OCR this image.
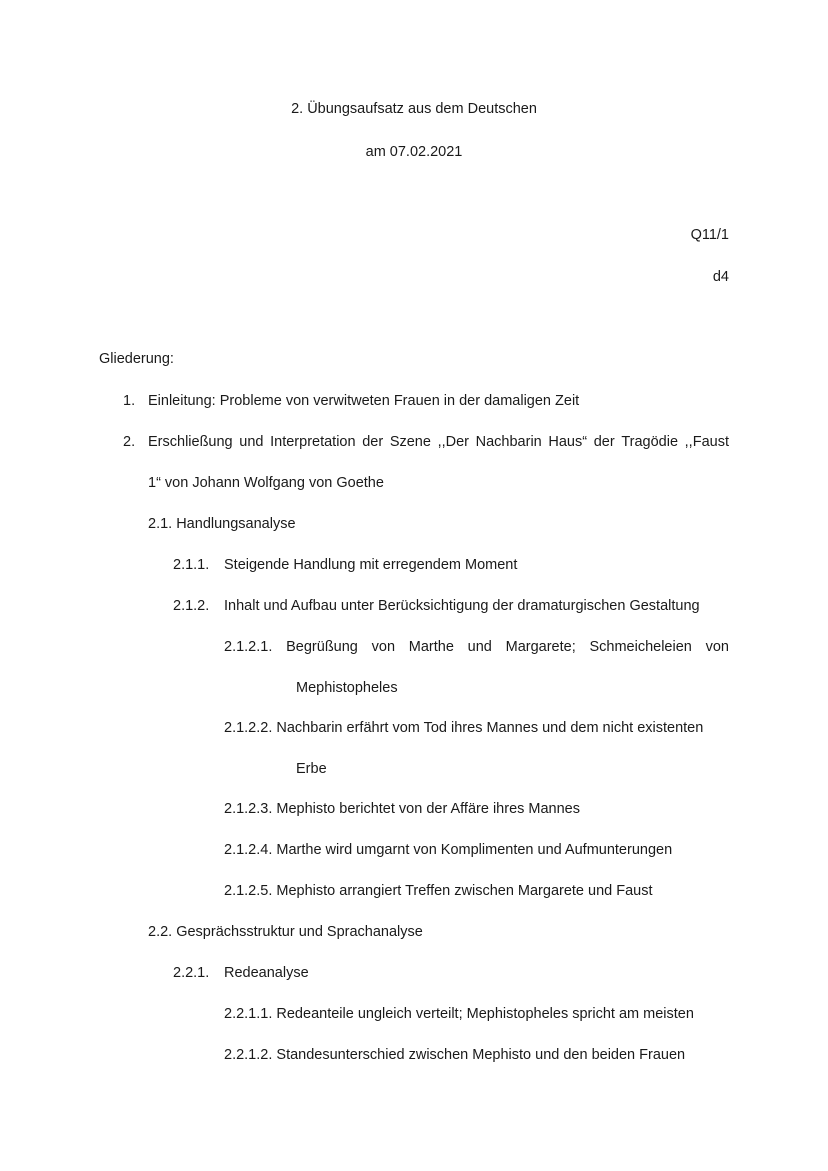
2. Übungsaufsatz aus dem Deutschen
am 07.02.2021
Q11/1
d4
Gliederung:
1. Einleitung: Probleme von verwitweten Frauen in der damaligen Zeit
2. Erschließung und Interpretation der Szene ,,Der Nachbarin Haus“ der Tragödie ,,Faust
1“ von Johann Wolfgang von Goethe
2.1. Handlungsanalyse
2.1.1. Steigende Handlung mit erregendem Moment
2.1.2. Inhalt und Aufbau unter Berücksichtigung der dramaturgischen Gestaltung
2.1.2.1. Begrüßung von Marthe und Margarete; Schmeicheleien von
Mephistopheles
2.1.2.2. Nachbarin erfährt vom Tod ihres Mannes und dem nicht existenten
Erbe
2.1.2.3. Mephisto berichtet von der Affäre ihres Mannes
2.1.2.4. Marthe wird umgarnt von Komplimenten und Aufmunterungen
2.1.2.5. Mephisto arrangiert Treffen zwischen Margarete und Faust
2.2. Gesprächsstruktur und Sprachanalyse
2.2.1. Redeanalyse
2.2.1.1. Redeanteile ungleich verteilt; Mephistopheles spricht am meisten
2.2.1.2. Standesunterschied zwischen Mephisto und den beiden Frauen
